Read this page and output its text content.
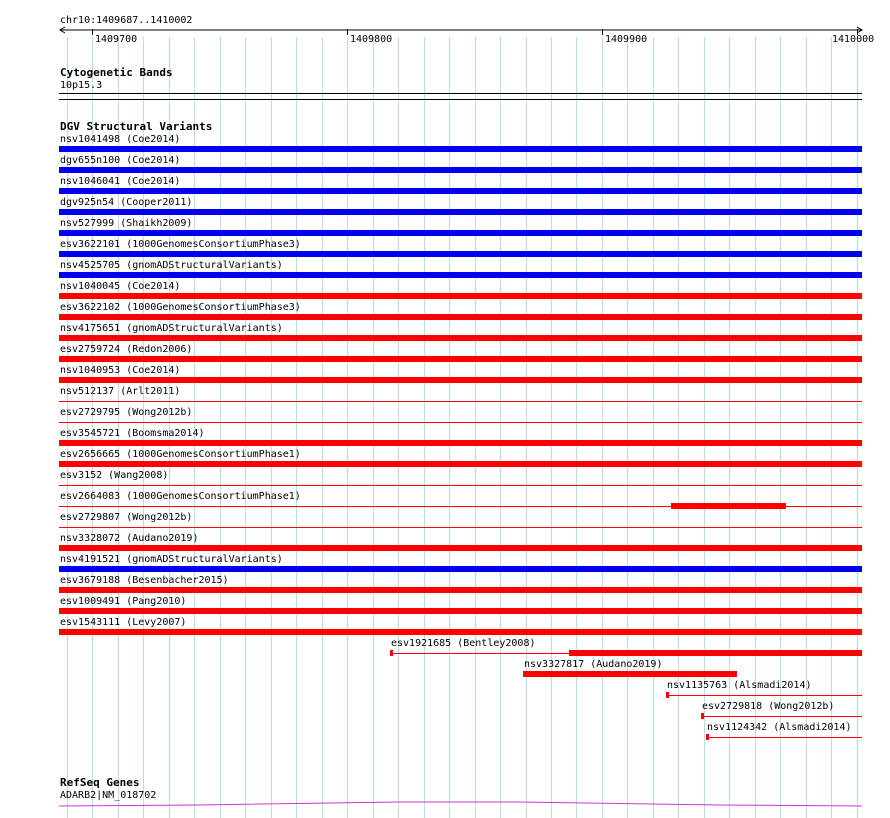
chr10:1409687..1410002
1409700	1409800	1409900	1410000
Cytogenetic Bands
10p15.3
DGV Structural Variants
nsv1041498 (Coe2014)
dgv655n100 (Coe2014)
nsv1046041 (Coe2014)
dgv925n54 (Cooper2011)
nsv527999 (Shaikh2009)
esv3622101 (1000GenomesConsortiumPhase3)
nsv4525705 (gnomADStructuralVariants)
nsv1040045 (Coe2014)
esv3622102 (1000GenomesConsortiumPhase3)
nsv4175651 (gnomADStructuralVariants)
esv2759724 (Redon2006)
nsv1040953 (Coe2014)
nsv512137 (Arlt2011)
esv2729795 (Wong2012b)
esv3545721 (Boomsma2014)
esv2656665 (1000GenomesConsortiumPhase1)
esv3152 (Wang2008)
esv2664083 (1000GenomesConsortiumPhase1)
esv2729807 (Wong2012b)
nsv3328072 (Audano2019)
nsv4191521 (gnomADStructuralVariants)
esv3679188 (Besenbacher2015)
esv1009491 (Pang2010)
esv1543111 (Levy2007)
esv1921685 (Bentley2008)
nsv3327817 (Audano2019)
nsv1135763 (Alsmadi2014)
esv2729818 (Wong2012b)
nsv1124342 (Alsmadi2014)
RefSeq Genes
ADARB2|NM_018702
